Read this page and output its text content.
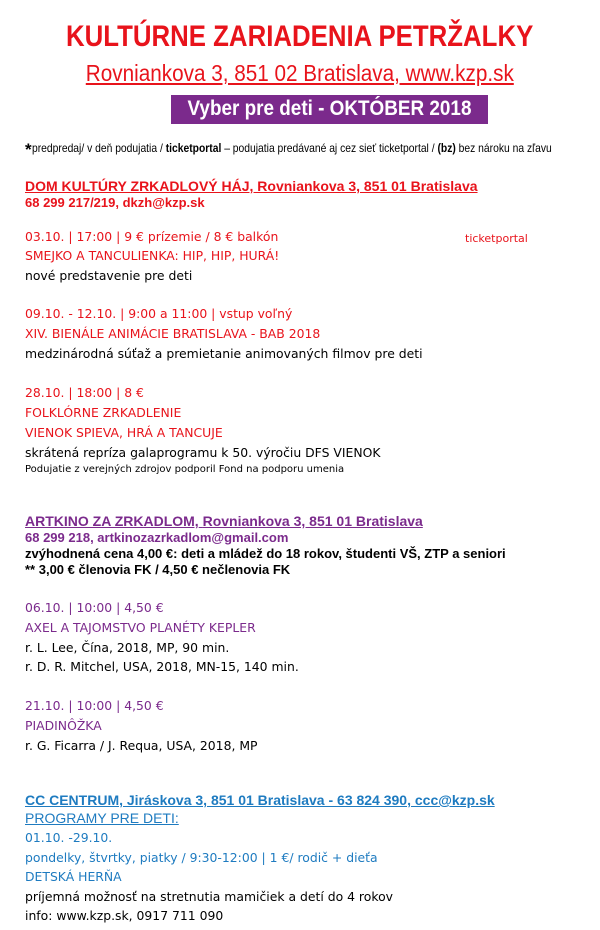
KULTÚRNE ZARIADENIA PETRŽALKY
Rovniankova 3, 851 02 Bratislava, www.kzp.sk
Vyber pre deti - OKTÓBER 2018
*predpredaj/ v deň podujatia / ticketportal – podujatia predávané aj cez sieť ticketportal / (bz) bez nároku na zľavu
DOM KULTÚRY ZRKADLOVÝ HÁJ, Rovniankova 3, 851 01 Bratislava
68 299 217/219, dkzh@kzp.sk
03.10. | 17:00 | 9 € prízemie / 8 € balkón	ticketportal
SMEJKO A TANCULIENKA: HIP, HIP, HURÁ!
nové predstavenie pre deti
09.10. - 12.10. | 9:00 a 11:00 | vstup voľný
XIV. BIENÁLE ANIMÁCIE BRATISLAVA - BAB 2018
medzinárodná súťaž a premietanie animovaných filmov pre deti
28.10. | 18:00 | 8 €
FOLKLÓRNE ZRKADLENIE
VIENOK SPIEVA, HRÁ A TANCUJE
skrátená repríza galaprogramu k 50. výročiu DFS VIENOK
Podujatie z verejných zdrojov podporil Fond na podporu umenia
ARTKINO ZA ZRKADLOM, Rovniankova 3, 851 01 Bratislava
68 299 218, artkinozazrkadlom@gmail.com
zvýhodnená cena 4,00 €: deti a mládež do 18 rokov, študenti VŠ, ZTP a seniori
** 3,00 € členovia FK / 4,50 € nečlenovia FK
06.10. | 10:00 | 4,50 €
AXEL A TAJOMSTVO PLANÉTY KEPLER
r. L. Lee, Čína, 2018, MP, 90 min.
r. D. R. Mitchel, USA, 2018, MN-15, 140 min.
21.10. | 10:00 | 4,50 €
PIADINÔŽKA
r. G. Ficarra / J. Requa, USA, 2018, MP
CC CENTRUM, Jiráskova 3, 851 01 Bratislava - 63 824 390, ccc@kzp.sk
PROGRAMY PRE DETI:
01.10. -29.10.
pondelky, štvrtky, piatky / 9:30-12:00 | 1 €/ rodič + dieťa
DETSKÁ HERŇA
príjemná možnosť na stretnutia mamičiek a detí do 4 rokov
info: www.kzp.sk, 0917 711 090
